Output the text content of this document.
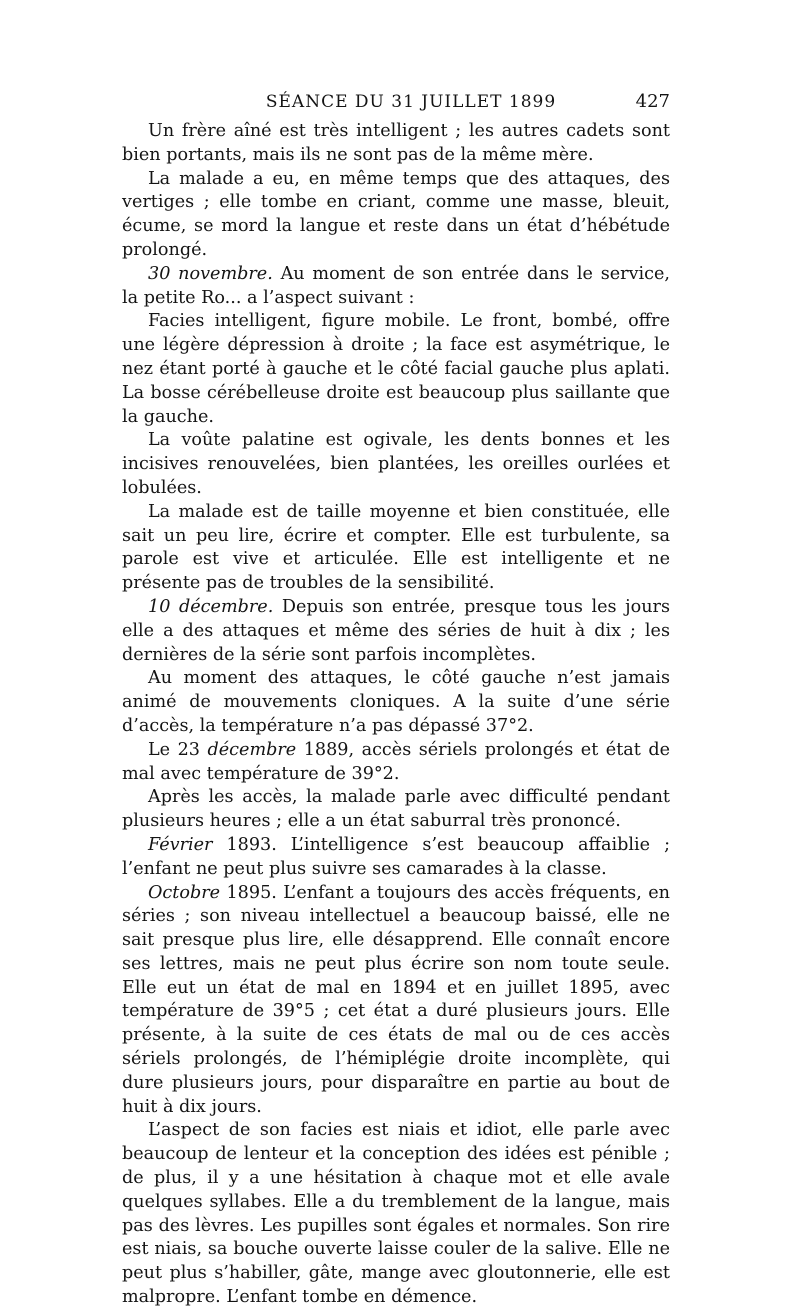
SÉANCE DU 31 JUILLET 1899	427

Un frère aîné est très intelligent ; les autres cadets sont bien portants, mais ils ne sont pas de la même mère.

La malade a eu, en même temps que des attaques, des vertiges ; elle tombe en criant, comme une masse, bleuit, écume, se mord la langue et reste dans un état d’hébétude prolongé.

30 novembre. Au moment de son entrée dans le service, la petite Ro... a l’aspect suivant :

Facies intelligent, figure mobile. Le front, bombé, offre une légère dépression à droite ; la face est asymétrique, le nez étant porté à gauche et le côté facial gauche plus aplati. La bosse cérébelleuse droite est beaucoup plus saillante que la gauche.

La voûte palatine est ogivale, les dents bonnes et les incisives renouvelées, bien plantées, les oreilles ourlées et lobulées.

La malade est de taille moyenne et bien constituée, elle sait un peu lire, écrire et compter. Elle est turbulente, sa parole est vive et articulée. Elle est intelligente et ne présente pas de troubles de la sensibilité.

10 décembre. Depuis son entrée, presque tous les jours elle a des attaques et même des séries de huit à dix ; les dernières de la série sont parfois incomplètes.

Au moment des attaques, le côté gauche n’est jamais animé de mouvements cloniques. A la suite d’une série d’accès, la température n’a pas dépassé 37°2.

Le 23 décembre 1889, accès sériels prolongés et état de mal avec température de 39°2.

Après les accès, la malade parle avec difficulté pendant plusieurs heures ; elle a un état saburral très prononcé.

Février 1893. L’intelligence s’est beaucoup affaiblie ; l’enfant ne peut plus suivre ses camarades à la classe.

Octobre 1895. L’enfant a toujours des accès fréquents, en séries ; son niveau intellectuel a beaucoup baissé, elle ne sait presque plus lire, elle désapprend. Elle connaît encore ses lettres, mais ne peut plus écrire son nom toute seule. Elle eut un état de mal en 1894 et en juillet 1895, avec température de 39°5 ; cet état a duré plusieurs jours. Elle présente, à la suite de ces états de mal ou de ces accès sériels prolongés, de l’hémiplégie droite incomplète, qui dure plusieurs jours, pour disparaître en partie au bout de huit à dix jours.

L’aspect de son facies est niais et idiot, elle parle avec beaucoup de lenteur et la conception des idées est pénible ; de plus, il y a une hésitation à chaque mot et elle avale quelques syllabes. Elle a du tremblement de la langue, mais pas des lèvres. Les pupilles sont égales et normales. Son rire est niais, sa bouche ouverte laisse couler de la salive. Elle ne peut plus s’habiller, gâte, mange avec gloutonnerie, elle est malpropre. L’enfant tombe en démence.
